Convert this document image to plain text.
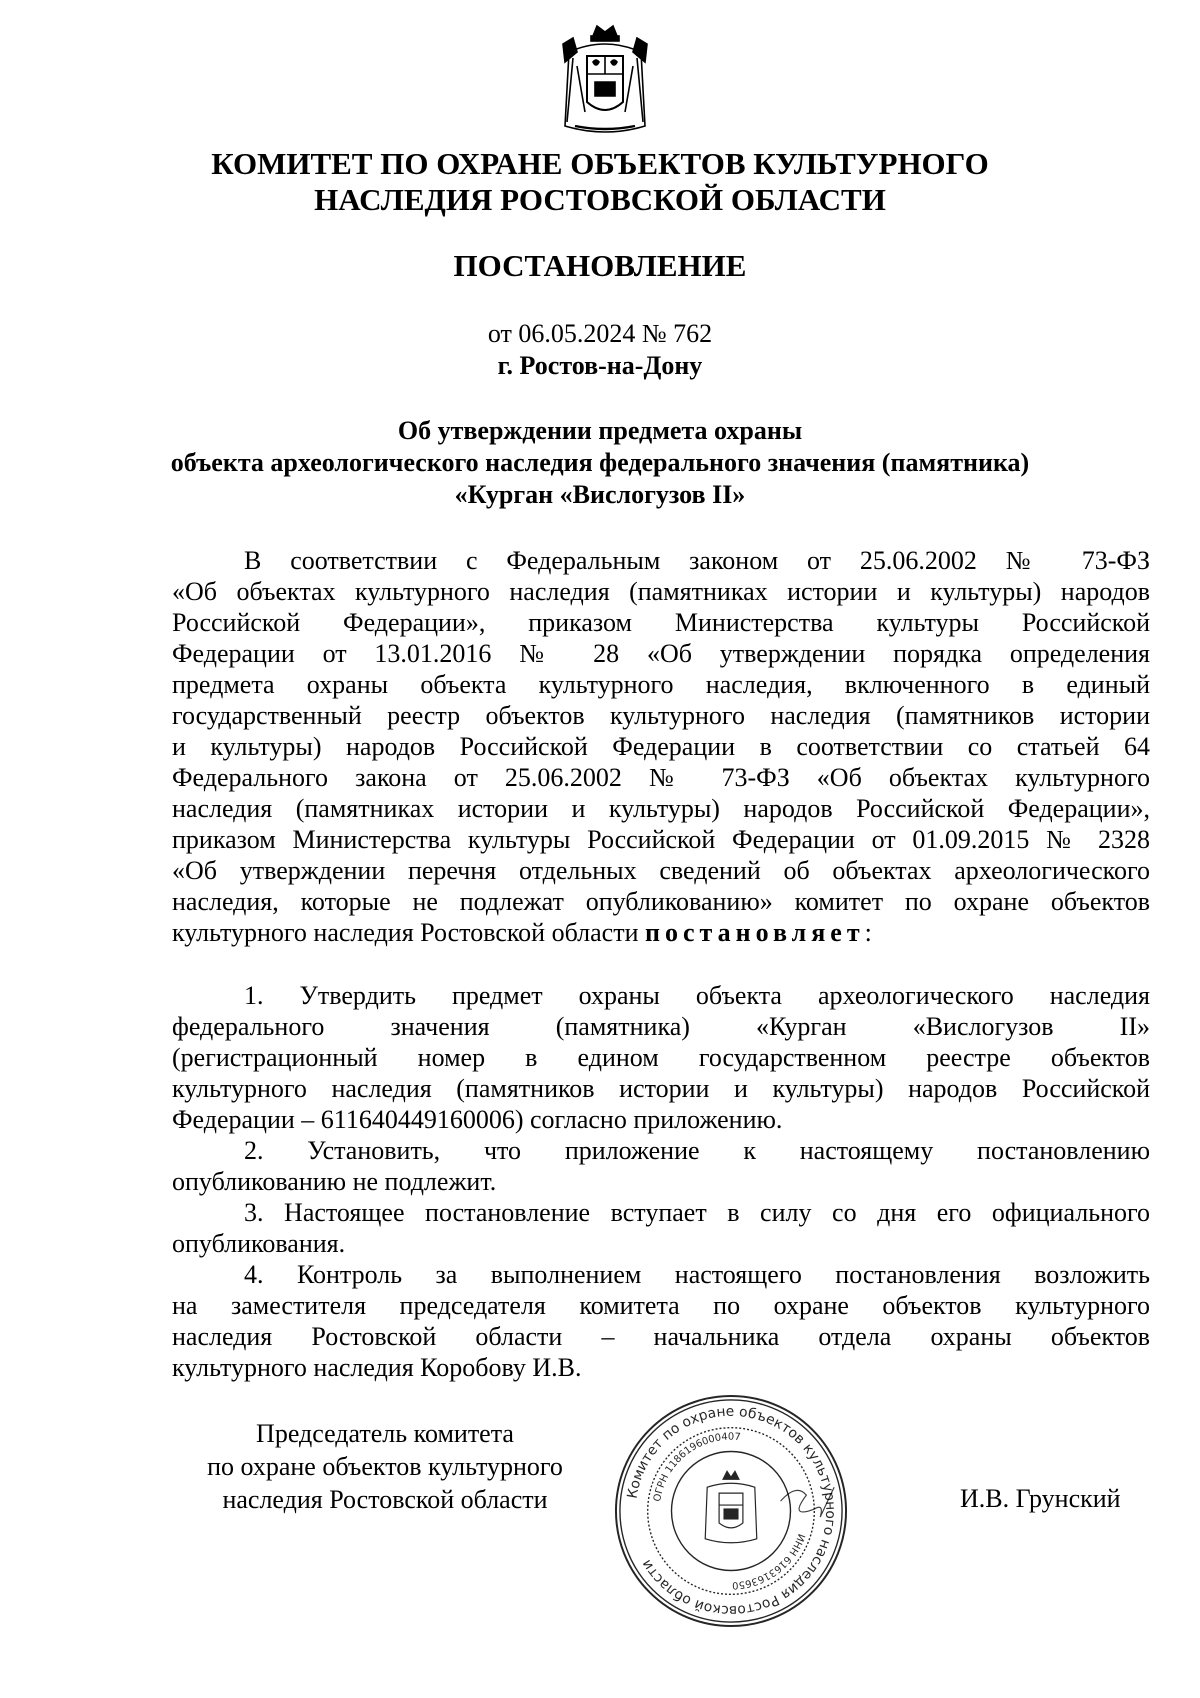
КОМИТЕТ ПО ОХРАНЕ ОБЪЕКТОВ КУЛЬТУРНОГО
НАСЛЕДИЯ РОСТОВСКОЙ ОБЛАСТИ
ПОСТАНОВЛЕНИЕ
от 06.05.2024 № 762
г. Ростов-на-Дону
Об утверждении предмета охраны
объекта археологического наследия федерального значения (памятника)
«Курган «Вислогузов II»
В соответствии с Федеральным законом от 25.06.2002 № 73-ФЗ
«Об объектах культурного наследия (памятниках истории и культуры) народов
Российской Федерации», приказом Министерства культуры Российской
Федерации от 13.01.2016 № 28 «Об утверждении порядка определения
предмета охраны объекта культурного наследия, включенного в единый
государственный реестр объектов культурного наследия (памятников истории
и культуры) народов Российской Федерации в соответствии со статьей 64
Федерального закона от 25.06.2002 № 73-ФЗ «Об объектах культурного
наследия (памятниках истории и культуры) народов Российской Федерации»,
приказом Министерства культуры Российской Федерации от 01.09.2015 № 2328
«Об утверждении перечня отдельных сведений об объектах археологического
наследия, которые не подлежат опубликованию» комитет по охране объектов
культурного наследия Ростовской области постановляет:
1. Утвердить предмет охраны объекта археологического наследия
федерального значения (памятника) «Курган «Вислогузов II»
(регистрационный номер в едином государственном реестре объектов
культурного наследия (памятников истории и культуры) народов Российской
Федерации – 611640449160006) согласно приложению.
2. Установить, что приложение к настоящему постановлению
опубликованию не подлежит.
3. Настоящее постановление вступает в силу со дня его официального
опубликования.
4. Контроль за выполнением настоящего постановления возложить
на заместителя председателя комитета по охране объектов культурного
наследия Ростовской области – начальника отдела охраны объектов
культурного наследия Коробову И.В.
Председатель комитета
по охране объектов культурного
наследия Ростовской области	Комитет по охране объектов культурного наследия Ростовской области
ИНН 6163163650
ОГРН 1186196000407
И.В. Грунский
